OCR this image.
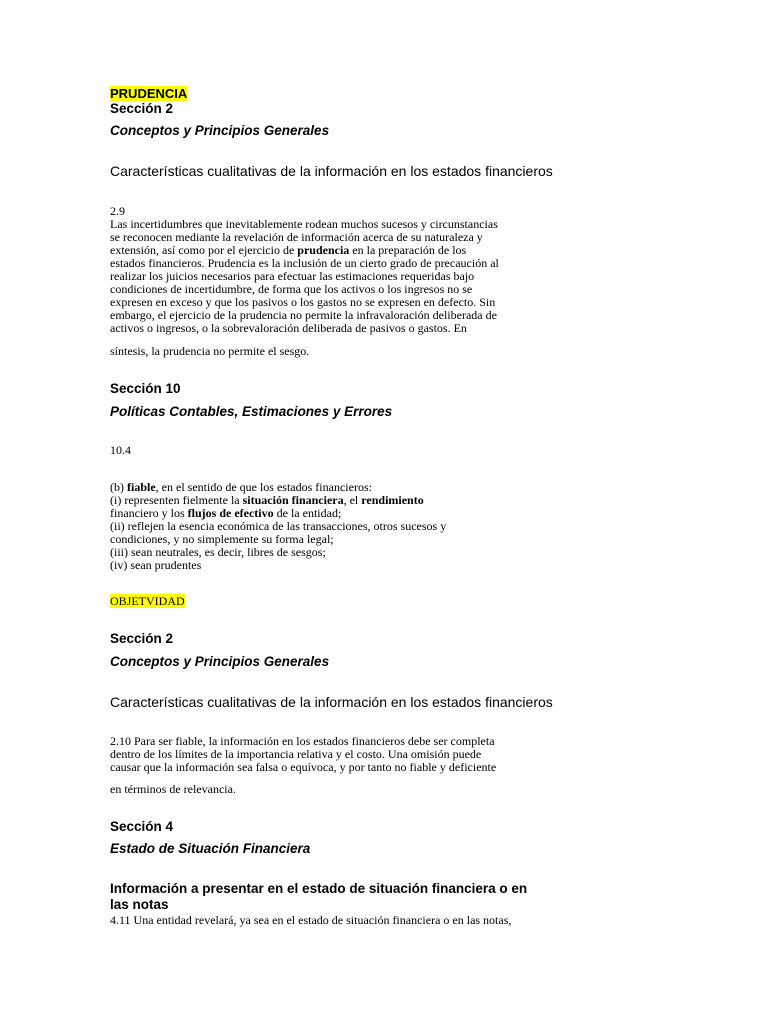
PRUDENCIA
Sección 2
Conceptos y Principios Generales
Características cualitativas de la información en los estados financieros
2.9
Las incertidumbres que inevitablemente rodean muchos sucesos y circunstancias
se reconocen mediante la revelación de información acerca de su naturaleza y
extensión, así como por el ejercicio de prudencia en la preparación de los
estados financieros. Prudencia es la inclusión de un cierto grado de precaución al
realizar los juicios necesarios para efectuar las estimaciones requeridas bajo
condiciones de incertidumbre, de forma que los activos o los ingresos no se
expresen en exceso y que los pasivos o los gastos no se expresen en defecto. Sin
embargo, el ejercicio de la prudencia no permite la infravaloración deliberada de
activos o ingresos, o la sobrevaloración deliberada de pasivos o gastos. En
síntesis, la prudencia no permite el sesgo.
Sección 10
Políticas Contables, Estimaciones y Errores
10.4
(b) fiable, en el sentido de que los estados financieros:
(i) representen fielmente la situación financiera, el rendimiento
financiero y los flujos de efectivo de la entidad;
(ii) reflejen la esencia económica de las transacciones, otros sucesos y
condiciones, y no simplemente su forma legal;
(iii) sean neutrales, es decir, libres de sesgos;
(iv) sean prudentes
OBJETVIDAD
Sección 2
Conceptos y Principios Generales
Características cualitativas de la información en los estados financieros
2.10 Para ser fiable, la información en los estados financieros debe ser completa
dentro de los límites de la importancia relativa y el costo. Una omisión puede
causar que la información sea falsa o equívoca, y por tanto no fiable y deficiente
en términos de relevancia.
Sección 4
Estado de Situación Financiera
Información a presentar en el estado de situación financiera o en
las notas
4.11 Una entidad revelará, ya sea en el estado de situación financiera o en las notas,
